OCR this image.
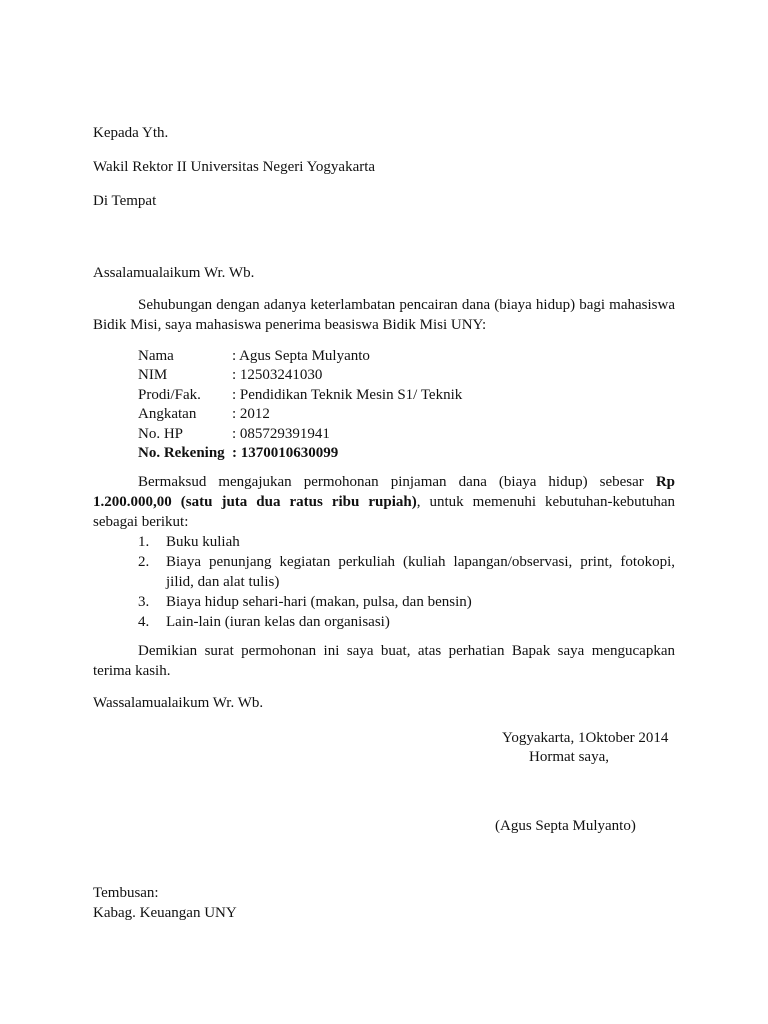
Kepada Yth.
Wakil Rektor II Universitas Negeri Yogyakarta
Di Tempat
Assalamualaikum Wr. Wb.
Sehubungan dengan adanya keterlambatan pencairan dana (biaya hidup) bagi mahasiswa Bidik Misi, saya mahasiswa penerima beasiswa Bidik Misi UNY:
Nama	: Agus Septa Mulyanto
NIM	: 12503241030
Prodi/Fak.	: Pendidikan Teknik Mesin S1/ Teknik
Angkatan	: 2012
No. HP	: 085729391941
No. Rekening	: 1370010630099
Bermaksud mengajukan permohonan pinjaman dana (biaya hidup) sebesar Rp 1.200.000,00 (satu juta dua ratus ribu rupiah), untuk memenuhi kebutuhan-kebutuhan sebagai berikut:
1. Buku kuliah
2. Biaya penunjang kegiatan perkuliah (kuliah lapangan/observasi, print, fotokopi, jilid, dan alat tulis)
3. Biaya hidup sehari-hari (makan, pulsa, dan bensin)
4. Lain-lain (iuran kelas dan organisasi)
Demikian surat permohonan ini saya buat, atas perhatian Bapak saya mengucapkan terima kasih.
Wassalamualaikum Wr. Wb.
Yogyakarta, 1Oktober 2014
Hormat saya,
(Agus Septa Mulyanto)
Tembusan:
Kabag. Keuangan UNY
